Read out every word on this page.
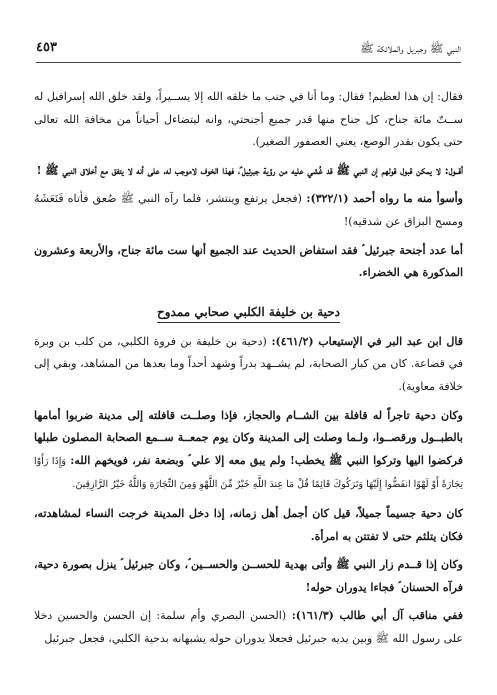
النبي ﷺ وجبريل والملائكة ﷺ
٤٥٣

فقال: إن هذا لعظيم! فقال: وما أنا في جنب ما خلقه الله إلا يســيراً، ولقد خلق الله إسرافيل له ســتّ مائة جناح، كل جناح منها قدر جميع أجنحتي، وانه ليتضاءل أحياناً من مخافة الله تعالى حتى يكون بقدر الوصع، يعني العصفور الصغير).

أقــول: لا يمكن قبول قولهم إن النبي ﷺ قد غُشي عليه من رؤية جبرئيل ؑ، فهذا الخوف لاموجب له، على أنه لا يتفق مع أخلاق النبي ﷺ !

وأسوأ منه ما رواه أحمد (٣٢٢/١): (فجعل يرتفع وينتشر، فلما رآه النبي ﷺ صُعق فأتاه فَنَعَشَهُ ومسح البزاق عن شدقيه)!

أما عدد أجنحة جبرئيل ؑ فقد استفاض الحديث عند الجميع أنها ست مائة جناح، والأربعة وعشرون المذكورة هي الخضراء.

دحية بن خليفة الكلبي صحابي ممدوح

قال ابن عبد البر في الإستيعاب (٤٦١/٢): (دحية بن خليفة بن فروة الكلبي، من كلب بن وبرة في قضاعة. كان من كبار الصحابة، لم يشــهد بدراً وشهد أحداً وما بعدها من المشاهد، وبقي إلى خلافة معاوية).

وكان دحية تاجراً له قافلة بين الشــام والحجاز، فإذا وصلــت قافلته إلى مدينة ضربوا أمامها بالطبــول ورقصــوا، ولـما وصلت إلى المدينة وكان يوم جمعــة ســمع الصحابة المصلون طبلها فركضوا اليها وتركوا النبي ﷺ يخطب! ولم يبق معه إلا علي ؑ وبضعة نفر، فويخهم الله: وَإِذَا رَأَوْا تِجَارَةً أَوْ لَهْوًا انفَضُّوا إِلَيْهَا وَتَرَكُوكَ قَائِمًا قُلْ مَا عِندَ اللَّهِ خَيْرٌ مِّنَ اللَّهْوِ وَمِنَ التِّجَارَةِ وَاللَّهُ خَيْرُ الرَّازِقِينَ.

كان دحية جسيماً جميلاً، قيل كان أجمل أهل زمانه، إذا دخل المدينة خرجت النساء لمشاهدته، فكان يتلثم حتى لا تفتتن به امرأة.

وكان إذا قــدم زار النبي ﷺ وأتى بهدية للحســن والحســين ؑ، وكان جبرئيل ؑ ينزل بصورة دحية، فرآه الحسنان ؑ فجاءا يدوران حوله!

ففي مناقب آل أبي طالب (١٦١/٣): (الحسن البصري وأم سلمة: إن الحسن والحسين دخلا على رسول الله ﷺ وبين يديه جبرئيل فجعلا يدوران حوله يشبهانه بدحية الكلبي، فجعل جبرئيل
